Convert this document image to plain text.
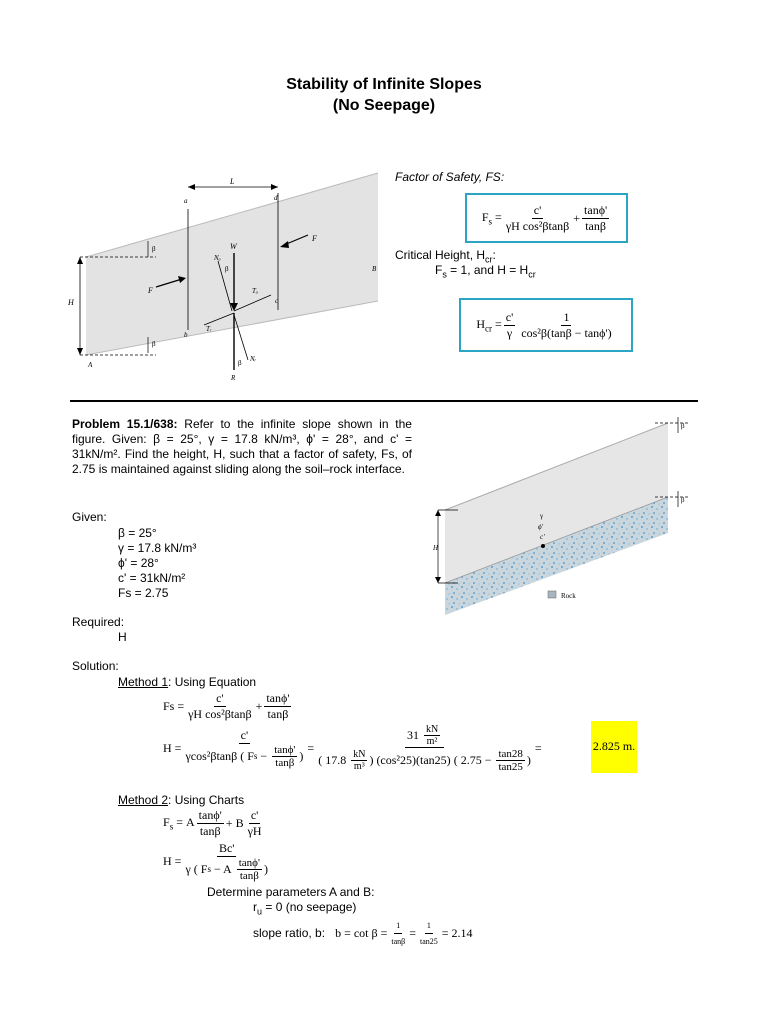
Stability of Infinite Slopes
(No Seepage)
H
L
a	d
b
c
W
F
F
Nₐ
β
Tₐ
Tᵣ
R
Nᵣ
β
β
β
A
B
Factor of Safety, FS:
$F_s = \frac{c'}{\text{γH cos²βtanβ}} + \frac{\tan\phi'}{\tan\beta}$
Critical Height, $H_{cr}$:
$F_s = 1$, and $H = H_{cr}$
$H_{cr} = \frac{c'}{\gamma} \frac{1}{\text{cos²β(tanβ − tanϕ')}}$
Problem 15.1/638: Refer to the infinite slope shown in the figure. Given: β = 25°, γ = 17.8 kN/m³, ϕ' = 28°, and c' = 31kN/m². Find the height, H, such that a factor of safety, Fs, of 2.75 is maintained against sliding along the soil–rock interface.
β
β
H
γ
ϕ'
c'
Rock
Given:
β = 25°
γ = 17.8 kN/m³
ϕ' = 28°
c' = 31kN/m²
Fs = 2.75
Required:
H
Solution:
Method 1: Using Equation
$Fs = \frac{c'}{\text{γH cos²βtanβ}} + \frac{\tan\phi'}{\tan\beta}$
$H = \frac{c'}{\gamma\cos^2\beta\tan\beta ( F s - \frac{\tan\phi'}{\tan\beta} )} = 31$
$\frac{kN}{\text{m²}}$
( 17.8
$\frac{kN}{\text{m³}}$ ) (cos²25)(tan25) ( 2.75 −
$\frac{\tan 28}{\tan 25}$ ) =	2.825 m.
Method 2: Using Charts
$F_s = A \frac{\tan\phi'}{\tan\beta} + B \frac{c'}{\gamma H}$
H = Bc'
γ ( F s
− A
$\frac{\tan\phi'}{\tan\beta}$ )
Determine parameters A and B:
$r_u = 0$ (no seepage)
slope ratio, b:
$b = \cot \beta = \frac{1}{\tan\beta} = \frac{1}{\tan 25} = 2.14$
